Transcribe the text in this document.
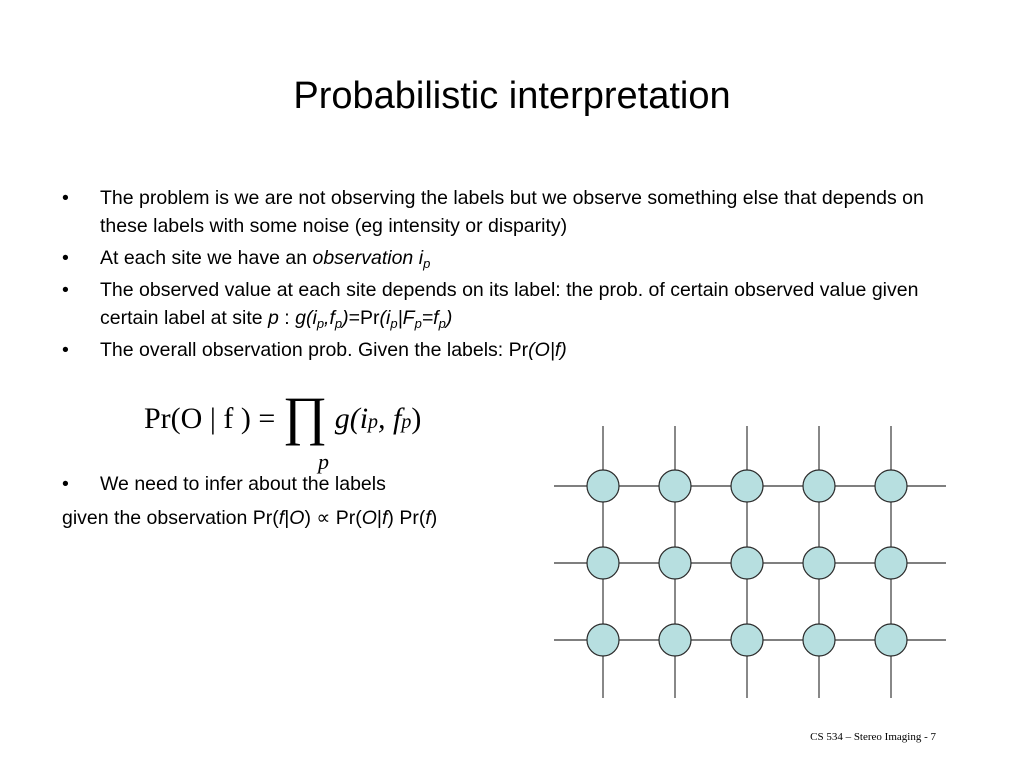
Probabilistic interpretation
• The problem is we are not observing the labels but we observe something else that depends on these labels with some noise (eg intensity or disparity)
• At each site we have an observation $i_p$
• The observed value at each site depends on its label: the prob. of certain observed value given certain label at site p : $g(i_p,f_p)=Pr(i_p|F_p=f_p)$
• The overall observation prob. Given the labels: Pr(O|f)
Pr(O | f ) = ∏ g(ip, fp)
p
• We need to infer about the labels
given the observation Pr(f|O) ∝ Pr(O|f) Pr(f)
CS 534 – Stereo Imaging - 7
